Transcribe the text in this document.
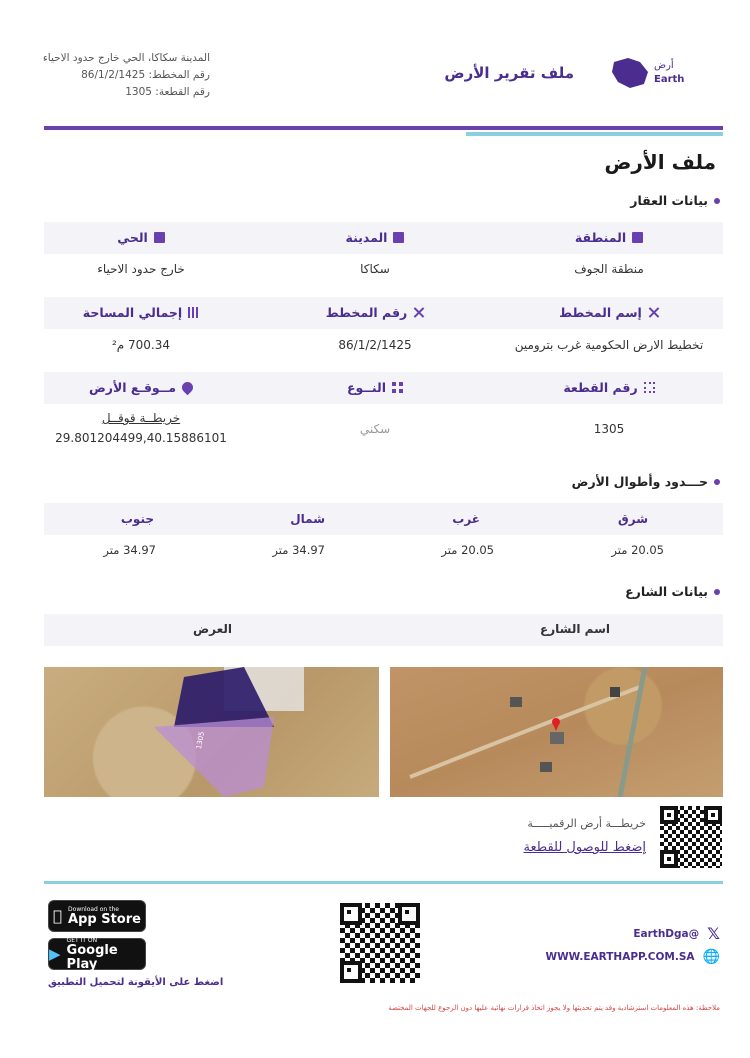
أرض
Earth
ملف تقرير الأرض
المدينة سكاكا، الحي خارج حدود الاحياء
رقم المخطط: 86/1/2/1425
رقم القطعة: 1305
ملف الأرض
بيانات العقار
المنطقة
المدينة
الحي
منطقة الجوف
سكاكا
خارج حدود الاحياء
إسم المخطط
رقم المخطط
إجمالي المساحة
تخطيط الارض الحكومية غرب بترومين
86/1/2/1425
700.34 م²
رقم القطعة
النــوع
مــوقـع الأرض
1305
سكني
خريطــة قوقــل
29.801204499,40.15886101
حـــدود وأطوال الأرض
شرق
غرب
شمال
جنوب
20.05 متر
20.05 متر
34.97 متر
34.97 متر
بيانات الشارع
اسم الشارع
العرض
1305
خريطـــة أرض الرقميـــــة
إضغط للوصول للقطعة
Download on the
App Store
▶
GET IT ON
Google Play
اضغط على الأيقونة لتحميل التطبيق
𝕏
EarthDga@
🌐
WWW.EARTHAPP.COM.SA
ملاحظة: هذه المعلومات استرشادية وقد يتم تحديثها ولا يجوز اتخاذ قرارات نهائية عليها دون الرجوع للجهات المختصة
